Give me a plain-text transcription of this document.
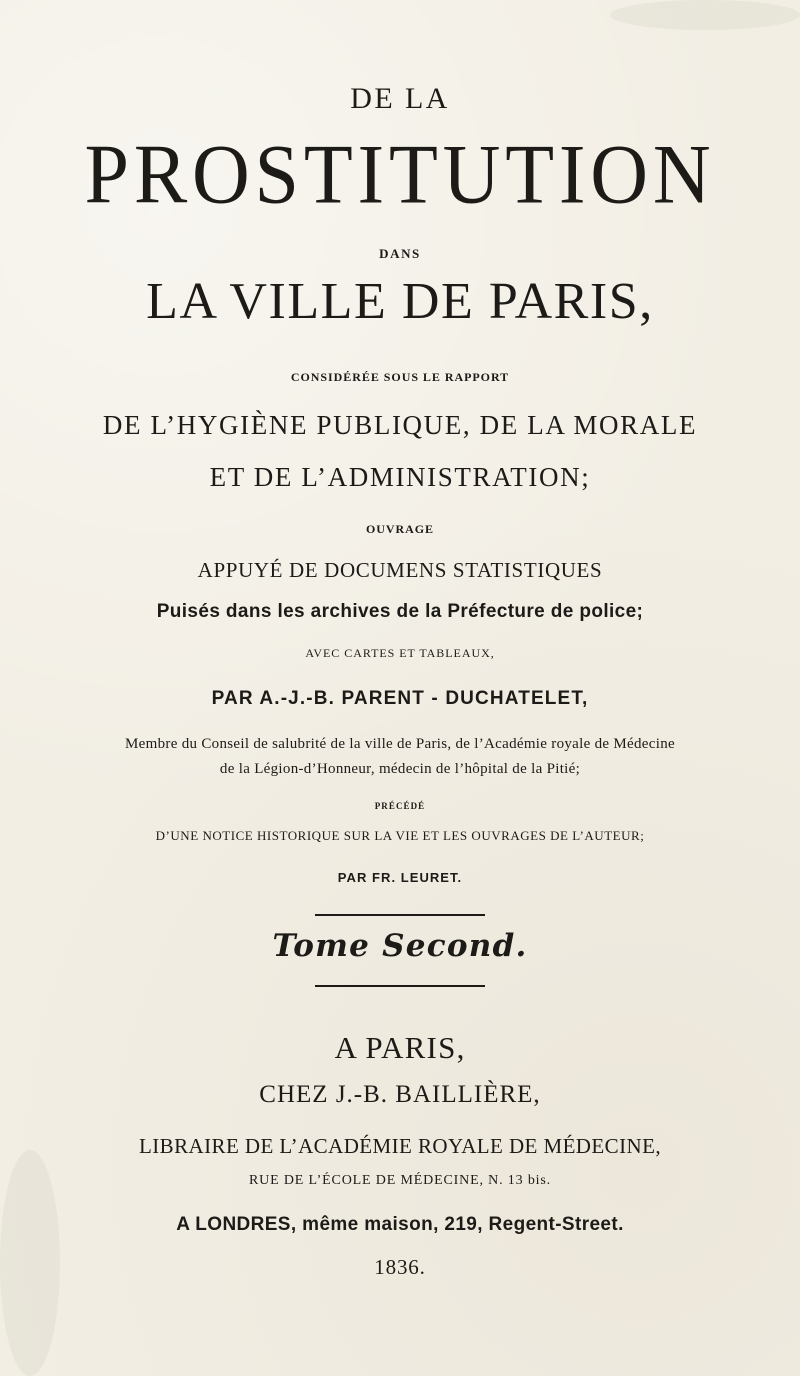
DE LA
PROSTITUTION
DANS
LA VILLE DE PARIS,
CONSIDÉRÉE SOUS LE RAPPORT
DE L’HYGIÈNE PUBLIQUE, DE LA MORALE
ET DE L’ADMINISTRATION;
OUVRAGE
APPUYÉ DE DOCUMENS STATISTIQUES
Puisés dans les archives de la Préfecture de police;
AVEC CARTES ET TABLEAUX,
PAR A.-J.-B. PARENT - DUCHATELET,
Membre du Conseil de salubrité de la ville de Paris, de l’Académie royale de Médecine
de la Légion-d’Honneur, médecin de l’hôpital de la Pitié;
PRÉCÉDÉ
D’UNE NOTICE HISTORIQUE SUR LA VIE ET LES OUVRAGES DE L’AUTEUR;
PAR FR. LEURET.
Tome Second.
A PARIS,
CHEZ J.-B. BAILLIÈRE,
LIBRAIRE DE L’ACADÉMIE ROYALE DE MÉDECINE,
RUE DE L’ÉCOLE DE MÉDECINE, N. 13 bis.
A LONDRES, même maison, 219, Regent-Street.
1836.
